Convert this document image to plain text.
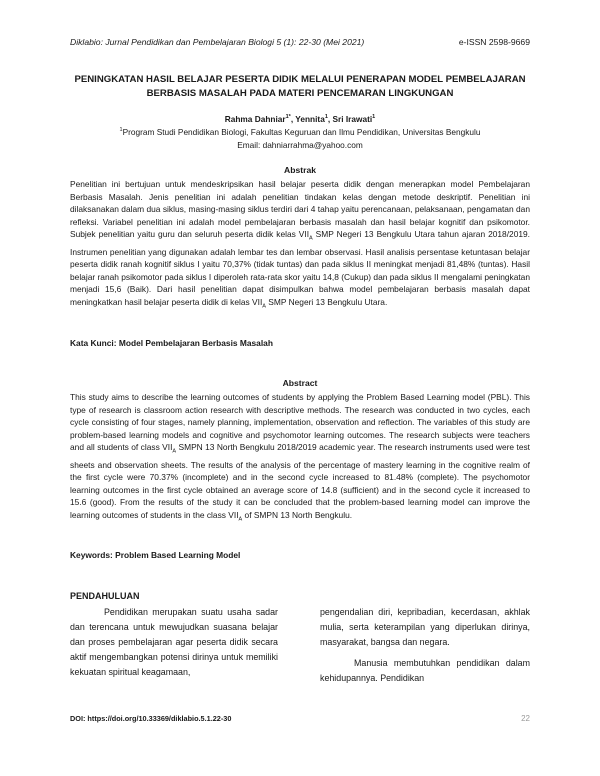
Diklabio: Jurnal Pendidikan dan Pembelajaran Biologi 5 (1): 22-30 (Mei 2021)	e-ISSN 2598-9669
PENINGKATAN HASIL BELAJAR PESERTA DIDIK MELALUI PENERAPAN MODEL PEMBELAJARAN
BERBASIS MASALAH PADA MATERI PENCEMARAN LINGKUNGAN
Rahma Dahniar$^{1*}$, Yennita$^1$, Sri Irawati$^1$
$^1$Program Studi Pendidikan Biologi, Fakultas Keguruan dan Ilmu Pendidikan, Universitas Bengkulu
Email: dahniarrahma@yahoo.com
Abstrak
Penelitian ini bertujuan untuk mendeskripsikan hasil belajar peserta didik dengan menerapkan model Pembelajaran Berbasis Masalah. Jenis penelitian ini adalah penelitian tindakan kelas dengan metode deskriptif. Penelitian ini dilaksanakan dalam dua siklus, masing-masing siklus terdiri dari 4 tahap yaitu perencanaan, pelaksanaan, pengamatan dan refleksi. Variabel penelitian ini adalah model pembelajaran berbasis masalah dan hasil belajar kognitif dan psikomotor. Subjek penelitian yaitu guru dan seluruh peserta didik kelas $VII_A$ SMP Negeri 13 Bengkulu Utara tahun ajaran 2018/2019. Instrumen penelitian yang digunakan adalah lembar tes dan lembar observasi. Hasil analisis persentase ketuntasan belajar peserta didik ranah kognitif siklus I yaitu 70,37% (tidak tuntas) dan pada siklus II meningkat menjadi 81,48% (tuntas). Hasil belajar ranah psikomotor pada siklus I diperoleh rata-rata skor yaitu 14,8 (Cukup) dan pada siklus II mengalami peningkatan menjadi 15,6 (Baik). Dari hasil penelitian dapat disimpulkan bahwa model pembelajaran berbasis masalah dapat meningkatkan hasil belajar peserta didik di kelas $VII_A$ SMP Negeri 13 Bengkulu Utara.
Kata Kunci: Model Pembelajaran Berbasis Masalah
Abstract
This study aims to describe the learning outcomes of students by applying the Problem Based Learning model (PBL). This type of research is classroom action research with descriptive methods. The research was conducted in two cycles, each cycle consisting of four stages, namely planning, implementation, observation and reflection. The variables of this study are problem-based learning models and cognitive and psychomotor learning outcomes. The research subjects were teachers and all students of class $VII_A$ SMPN 13 North Bengkulu 2018/2019 academic year. The research instruments used were test sheets and observation sheets. The results of the analysis of the percentage of mastery learning in the cognitive realm of the first cycle were 70.37% (incomplete) and in the second cycle increased to 81.48% (complete). The psychomotor learning outcomes in the first cycle obtained an average score of 14.8 (sufficient) and in the second cycle it increased to 15.6 (good). From the results of the study it can be concluded that the problem-based learning model can improve the learning outcomes of students in the class $VII_A$ of SMPN 13 North Bengkulu.
Keywords: Problem Based Learning Model
PENDAHULUAN
Pendidikan merupakan suatu usaha sadar dan terencana untuk mewujudkan suasana belajar dan proses pembelajaran agar peserta didik secara aktif mengembangkan potensi dirinya untuk memiliki kekuatan spiritual keagamaan,
pengendalian diri, kepribadian, kecerdasan, akhlak mulia, serta keterampilan yang diperlukan dirinya, masyarakat, bangsa dan negara.
Manusia membutuhkan pendidikan dalam kehidupannya. Pendidikan
DOI: https://doi.org/10.33369/diklabio.5.1.22-30	22
